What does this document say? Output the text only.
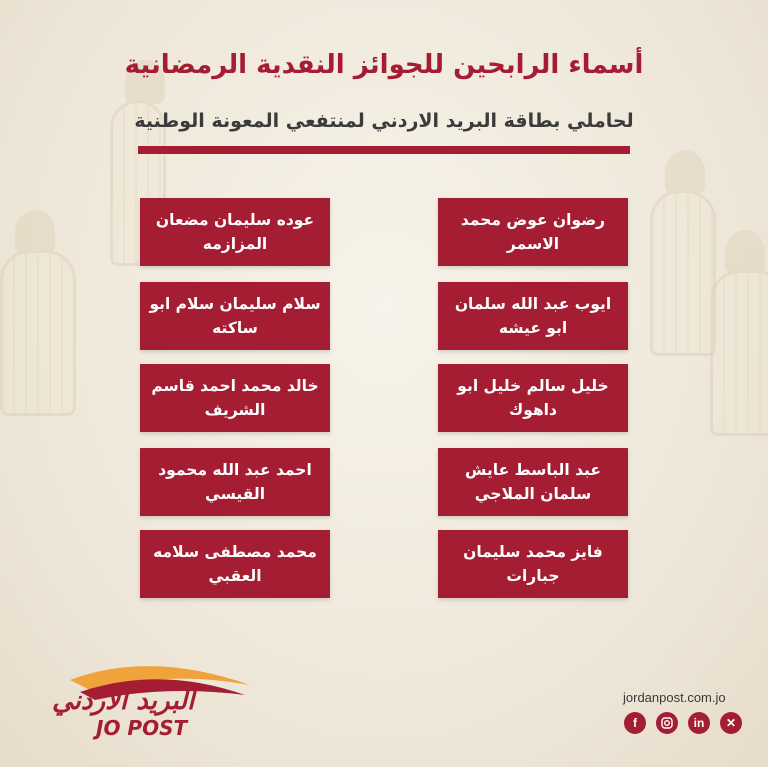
أسماء الرابحين للجوائز النقدية الرمضانية
لحاملي بطاقة البريد الاردني لمنتفعي المعونة الوطنية
رضوان عوض محمد الاسمر
ايوب عبد الله سلمان ابو عيشه
خليل سالم خليل ابو داهوك
عبد الباسط عايش سلمان الملاجي
فايز محمد سليمان جبارات
عوده سليمان مضعان المزازمه
سلام سليمان سلام ابو ساكته
خالد محمد احمد قاسم الشريف
احمد عبد الله محمود القيسي
محمد مصطفى سلامه العقبي
البريد الأردني
JO POST
jordanpost.com.jo
f	in	✕
